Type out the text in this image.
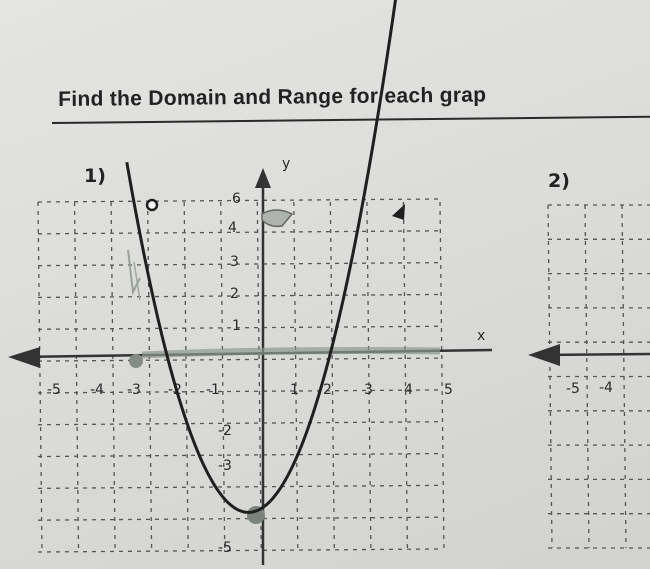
Find the Domain and Range for each grap
1)	2)
y
x
-5 -4 -3 -2 -1	1 2 3 4 5
6
4
3
2
1
-2
-3
-5
-5 -4
